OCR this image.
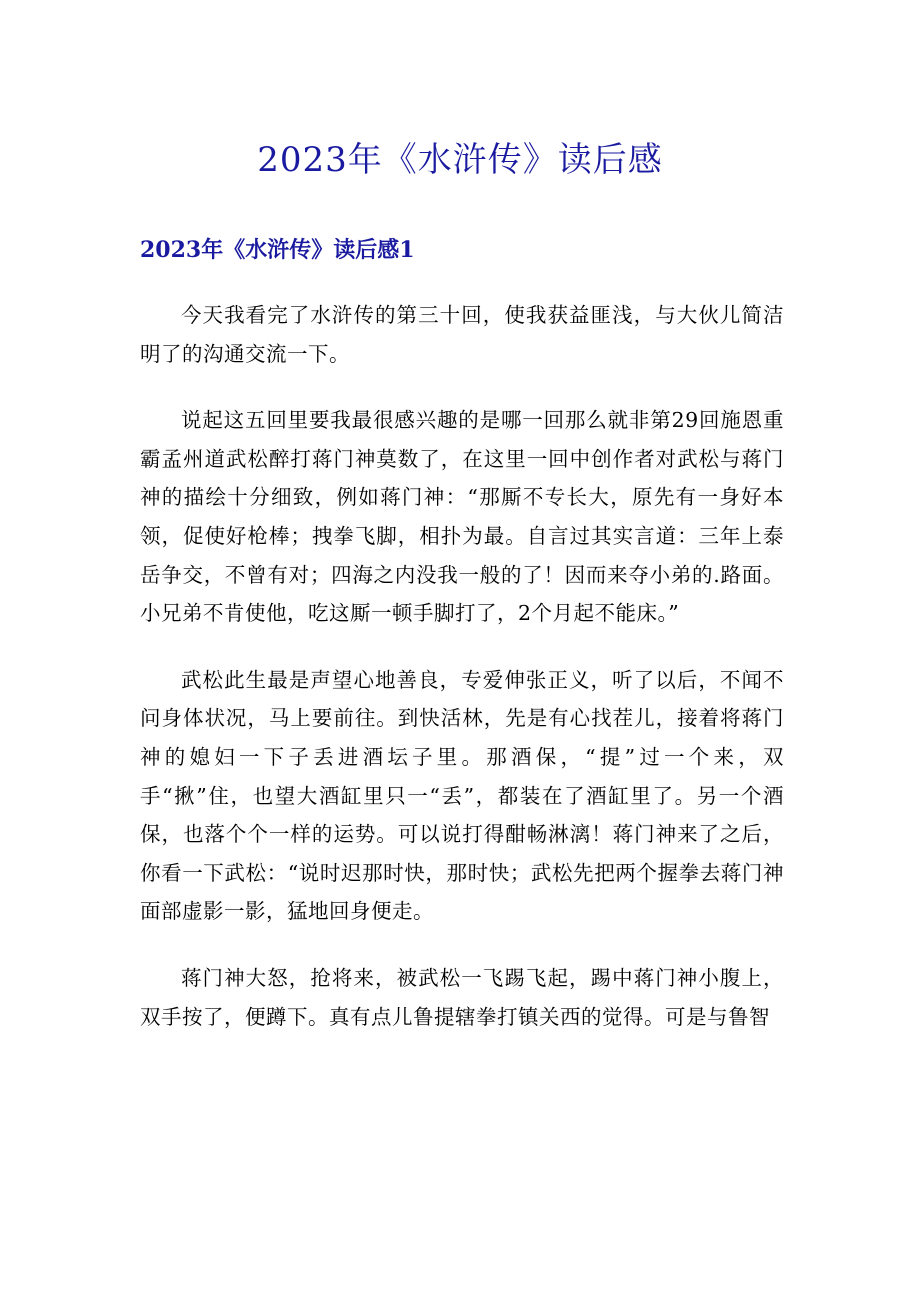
2023年《水浒传》读后感
2023年《水浒传》读后感1

今天我看完了水浒传的第三十回，使我获益匪浅，与大伙儿简洁明了的沟通交流一下。

说起这五回里要我最很感兴趣的是哪一回那么就非第29回施恩重霸孟州道武松醉打蒋门神莫数了，在这里一回中创作者对武松与蒋门神的描绘十分细致，例如蒋门神：“那厮不专长大，原先有一身好本领，促使好枪棒；拽拳飞脚，相扑为最。自言过其实言道：三年上泰岳争交，不曾有对；四海之内没我一般的了！因而来夺小弟的.路面。小兄弟不肯使他，吃这厮一顿手脚打了，2个月起不能床。”

武松此生最是声望心地善良，专爱伸张正义，听了以后，不闻不问身体状况，马上要前往。到快活林，先是有心找茬儿，接着将蒋门神的媳妇一下子丢进酒坛子里。那酒保，“提”过一个来，双手“揪”住，也望大酒缸里只一“丢”，都装在了酒缸里了。另一个酒保，也落个个一样的运势。可以说打得酣畅淋漓！蒋门神来了之后，你看一下武松：“说时迟那时快，那时快；武松先把两个握拳去蒋门神面部虚影一影，猛地回身便走。

蒋门神大怒，抢将来，被武松一飞踢飞起，踢中蒋门神小腹上，双手按了，便蹲下。真有点儿鲁提辖拳打镇关西的觉得。可是与鲁智
